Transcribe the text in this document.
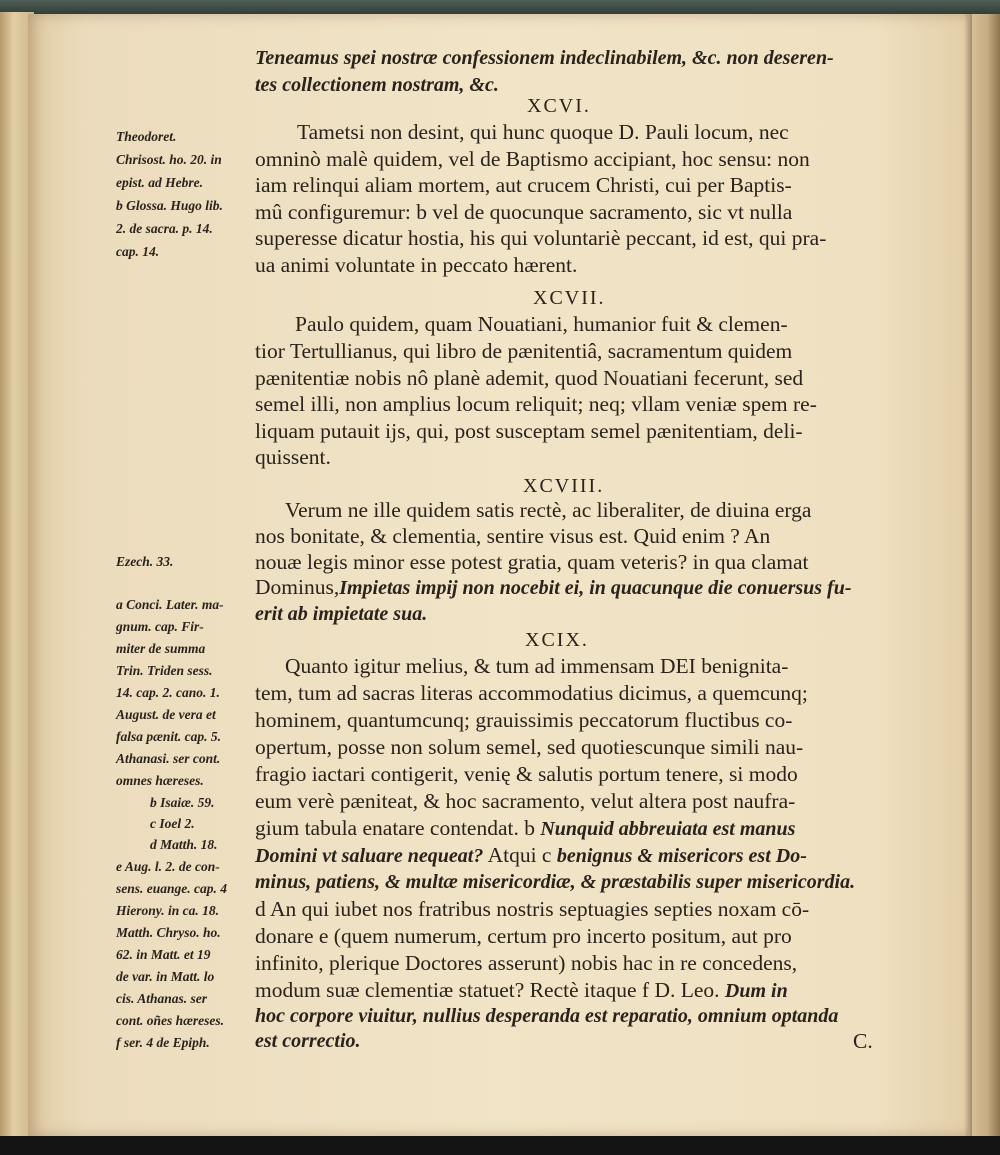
Teneamus spei nostræ confessionem indeclinabilem, &c. non deseren-
tes collectionem nostram, &c.
XCVI.
Tametsi non desint, qui hunc quoque D. Pauli locum, nec
omninò malè quidem, vel de Baptismo accipiant, hoc sensu: non
iam relinqui aliam mortem, aut crucem Christi, cui per Baptis-
mû configuremur: b vel de quocunque sacramento, sic vt nulla
superesse dicatur hostia, his qui voluntariè peccant, id est, qui pra-
ua animi voluntate in peccato hærent.
XCVII.
Paulo quidem, quam Nouatiani, humanior fuit & clemen-
tior Tertullianus, qui libro de pænitentiâ, sacramentum quidem
pænitentiæ nobis nô planè ademit, quod Nouatiani fecerunt, sed
semel illi, non amplius locum reliquit; neq; vllam veniæ spem re-
liquam putauit ijs, qui, post susceptam semel pænitentiam, deli-
quissent.
XCVIII.
Verum ne ille quidem satis rectè, ac liberaliter, de diuina erga
nos bonitate, & clementia, sentire visus est. Quid enim ? An
nouæ legis minor esse potest gratia, quam veteris? in qua clamat
Dominus,Impietas impij non nocebit ei, in quacunque die conuersus fu-
erit ab impietate sua.
XCIX.
Quanto igitur melius, & tum ad immensam DEI benignita-
tem, tum ad sacras literas accommodatius dicimus, a quemcunq;
hominem, quantumcunq; grauissimis peccatorum fluctibus co-
opertum, posse non solum semel, sed quotiescunque simili nau-
fragio iactari contigerit, venię & salutis portum tenere, si modo
eum verè pæniteat, & hoc sacramento, velut altera post naufra-
gium tabula enatare contendat. b Nunquid abbreuiata est manus
Domini vt saluare nequeat? Atqui c benignus & misericors est Do-
minus, patiens, & multæ misericordiæ, & præstabilis super misericordia.
d An qui iubet nos fratribus nostris septuagies septies noxam cō-
donare e (quem numerum, certum pro incerto positum, aut pro
infinito, plerique Doctores asserunt) nobis hac in re concedens,
modum suæ clementiæ statuet? Rectè itaque f D. Leo. Dum in
hoc corpore viuitur, nullius desperanda est reparatio, omnium optanda
est correctio.	C.
Theodoret.
Chrisost. ho. 20. in
epist. ad Hebre.
b Glossa. Hugo lib.
2. de sacra. p. 14.
cap. 14.
Ezech. 33.
a Conci. Later. ma-
gnum. cap. Fir-
miter de summa
Trin. Triden sess.
14. cap. 2. cano. 1.
August. de vera et
falsa pænit. cap. 5.
Athanasi. ser cont.
omnes hæreses.
b Isaiæ. 59.
c Ioel 2.
d Matth. 18.
e Aug. l. 2. de con-
sens. euange. cap. 4
Hierony. in ca. 18.
Matth. Chryso. ho.
62. in Matt. et 19
de var. in Matt. lo
cis. Athanas. ser
cont. oñes hæreses.
f ser. 4 de Epiph.
